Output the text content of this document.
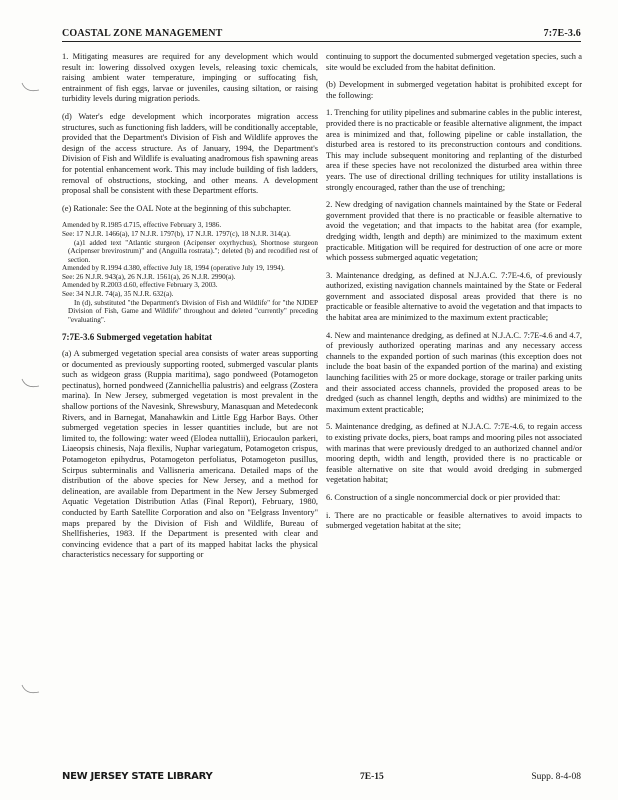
COASTAL ZONE MANAGEMENT	7:7E-3.6

1. Mitigating measures are required for any development which would result in: lowering dissolved oxygen levels, releasing toxic chemicals, raising ambient water temperature, impinging or suffocating fish, entrainment of fish eggs, larvae or juveniles, causing siltation, or raising turbidity levels during migration periods.

(d) Water's edge development which incorporates migration access structures, such as functioning fish ladders, will be conditionally acceptable, provided that the Department's Division of Fish and Wildlife approves the design of the access structure. As of January, 1994, the Department's Division of Fish and Wildlife is evaluating anadromous fish spawning areas for potential enhancement work. This may include building of fish ladders, removal of obstructions, stocking, and other means. A development proposal shall be consistent with these Department efforts.

(e) Rationale: See the OAL Note at the beginning of this subchapter.

Amended by R.1985 d.715, effective February 3, 1986.
See: 17 N.J.R. 1466(a), 17 N.J.R. 1797(b), 17 N.J.R. 1797(c), 18 N.J.R. 314(a).
(a)1 added text "Atlantic sturgeon (Acipenser oxyrhychus), Shortnose sturgeon (Acipenser brevirostrum)" and (Anguilla rostrata)."; deleted (b) and recodified rest of section.
Amended by R.1994 d.380, effective July 18, 1994 (operative July 19, 1994).
See: 26 N.J.R. 943(a), 26 N.J.R. 1561(a), 26 N.J.R. 2990(a).
Amended by R.2003 d.60, effective February 3, 2003.
See: 34 N.J.R. 74(a), 35 N.J.R. 632(a).
In (d), substituted "the Department's Division of Fish and Wildlife" for "the NJDEP Division of Fish, Game and Wildlife" throughout and deleted "currently" preceding "evaluating".
7:7E-3.6 Submerged vegetation habitat

(a) A submerged vegetation special area consists of water areas supporting or documented as previously supporting rooted, submerged vascular plants such as widgeon grass (Ruppia maritima), sago pondweed (Potamogeton pectinatus), horned pondweed (Zannichellia palustris) and eelgrass (Zostera marina). In New Jersey, submerged vegetation is most prevalent in the shallow portions of the Navesink, Shrewsbury, Manasquan and Metedeconk Rivers, and in Barnegat, Manahawkin and Little Egg Harbor Bays. Other submerged vegetation species in lesser quantities include, but are not limited to, the following: water weed (Elodea nuttallii), Eriocaulon parkeri, Liaeopsis chinesis, Naja flexilis, Nuphar variegatum, Potamogeton crispus, Potamogeton epihydrus, Potamogeton perfoliatus, Potamogeton pusillus, Scirpus subterminalis and Vallisneria americana. Detailed maps of the distribution of the above species for New Jersey, and a method for delineation, are available from Department in the New Jersey Submerged Aquatic Vegetation Distribution Atlas (Final Report), February, 1980, conducted by Earth Satellite Corporation and also on "Eelgrass Inventory" maps prepared by the Division of Fish and Wildlife, Bureau of Shellfisheries, 1983. If the Department is presented with clear and convincing evidence that a part of its mapped habitat lacks the physical characteristics necessary for supporting or

continuing to support the documented submerged vegetation species, such a site would be excluded from the habitat definition.

(b) Development in submerged vegetation habitat is prohibited except for the following:

1. Trenching for utility pipelines and submarine cables in the public interest, provided there is no practicable or feasible alternative alignment, the impact area is minimized and that, following pipeline or cable installation, the disturbed area is restored to its preconstruction contours and conditions. This may include subsequent monitoring and replanting of the disturbed area if these species have not recolonized the disturbed area within three years. The use of directional drilling techniques for utility installations is strongly encouraged, rather than the use of trenching;

2. New dredging of navigation channels maintained by the State or Federal government provided that there is no practicable or feasible alternative to avoid the vegetation; and that impacts to the habitat area (for example, dredging width, length and depth) are minimized to the maximum extent practicable. Mitigation will be required for destruction of one acre or more which possess submerged aquatic vegetation;

3. Maintenance dredging, as defined at N.J.A.C. 7:7E-4.6, of previously authorized, existing navigation channels maintained by the State or Federal government and associated disposal areas provided that there is no practicable or feasible alternative to avoid the vegetation and that impacts to the habitat area are minimized to the maximum extent practicable;

4. New and maintenance dredging, as defined at N.J.A.C. 7:7E-4.6 and 4.7, of previously authorized operating marinas and any necessary access channels to the expanded portion of such marinas (this exception does not include the boat basin of the expanded portion of the marina) and existing launching facilities with 25 or more dockage, storage or trailer parking units and their associated access channels, provided the proposed areas to be dredged (such as channel length, depths and widths) are minimized to the maximum extent practicable;

5. Maintenance dredging, as defined at N.J.A.C. 7:7E-4.6, to regain access to existing private docks, piers, boat ramps and mooring piles not associated with marinas that were previously dredged to an authorized channel and/or mooring depth, width and length, provided there is no practicable or feasible alternative on site that would avoid dredging in submerged vegetation habitat;

6. Construction of a single noncommercial dock or pier provided that:

i. There are no practicable or feasible alternatives to avoid impacts to submerged vegetation habitat at the site;

NEW JERSEY STATE LIBRARY	7E-15	Supp. 8-4-08
